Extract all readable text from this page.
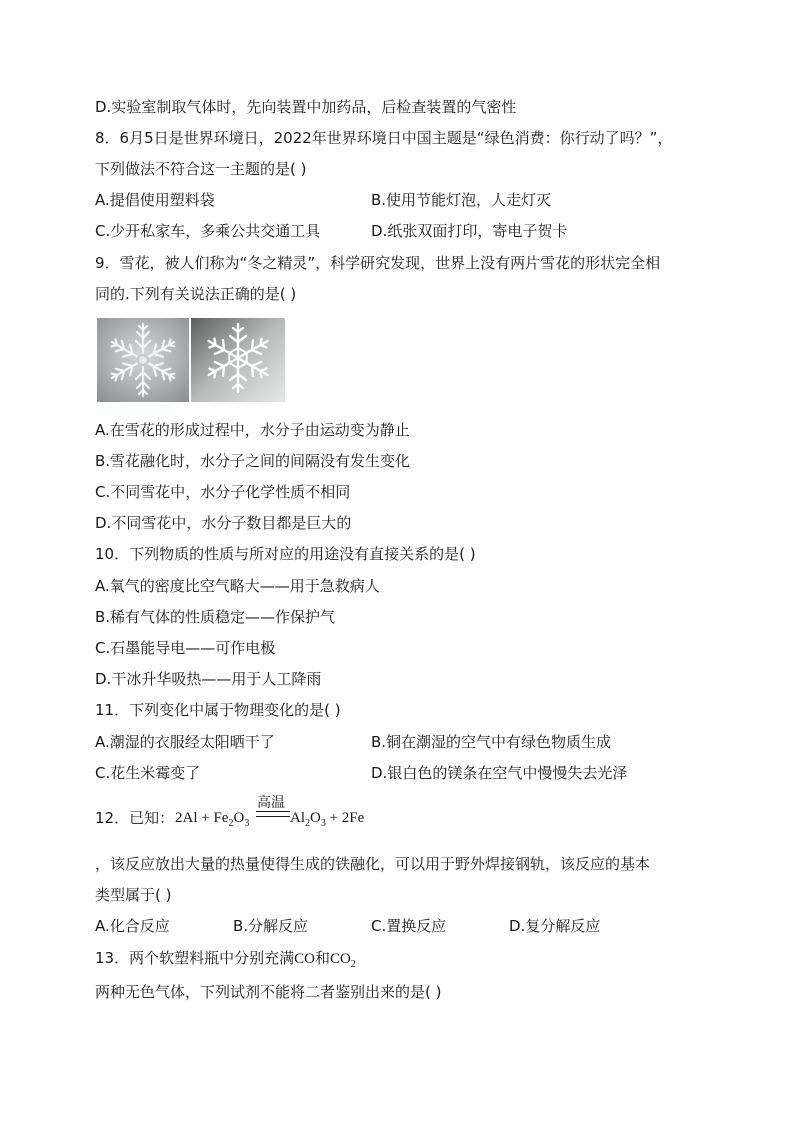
D.实验室制取气体时，先向装置中加药品，后检查装置的气密性
8．6月5日是世界环境日，2022年世界环境日中国主题是“绿色消费：你行动了吗？”，
下列做法不符合这一主题的是( )
A.提倡使用塑料袋	B.使用节能灯泡，人走灯灭
C.少开私家车，多乘公共交通工具	D.纸张双面打印，寄电子贺卡
9．雪花，被人们称为“冬之精灵”，科学研究发现，世界上没有两片雪花的形状完全相
同的.下列有关说法正确的是( )
A.在雪花的形成过程中，水分子由运动变为静止
B.雪花融化时，水分子之间的间隔没有发生变化
C.不同雪花中，水分子化学性质不相同
D.不同雪花中，水分子数目都是巨大的
10．下列物质的性质与所对应的用途没有直接关系的是( )
A.氧气的密度比空气略大——用于急救病人
B.稀有气体的性质稳定——作保护气
C.石墨能导电——可作电极
D.干冰升华吸热——用于人工降雨
11．下列变化中属于物理变化的是( )
A.潮湿的衣服经太阳晒干了	B.铜在潮湿的空气中有绿色物质生成
C.花生米霉变了	D.银白色的镁条在空气中慢慢失去光泽
12．已知： $2Al + Fe_2O_3$
高温
$Al_2O_3 + 2Fe$
，该反应放出大量的热量使得生成的铁融化，可以用于野外焊接钢轨，该反应的基本
类型属于( )
A.化合反应	B.分解反应	C.置换反应	D.复分解反应
13．两个软塑料瓶中分别充满CO和$CO_2$
两种无色气体，下列试剂不能将二者鉴别出来的是( )
